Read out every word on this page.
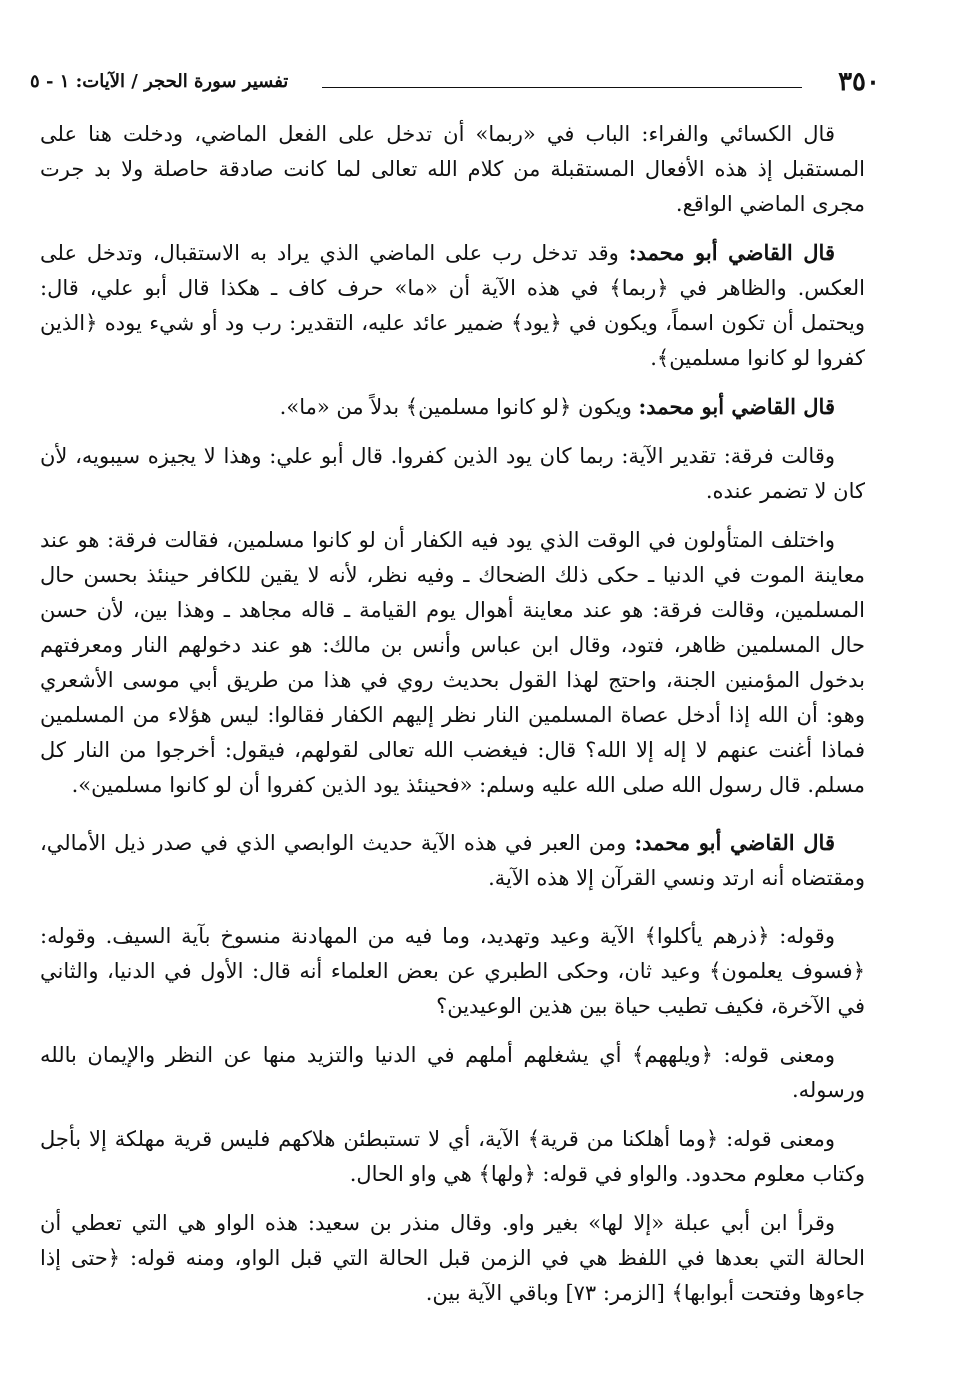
٣٥٠
تفسير سورة الحجر / الآيات: ١ - ٥

قال الكسائي والفراء: الباب في «ربما» أن تدخل على الفعل الماضي، ودخلت هنا على المستقبل إذ هذه الأفعال المستقبلة من كلام الله تعالى لما كانت صادقة حاصلة ولا بد جرت مجرى الماضي الواقع.

قال القاضي أبو محمد: وقد تدخل رب على الماضي الذي يراد به الاستقبال، وتدخل على العكس. والظاهر في ﴿ربما﴾ في هذه الآية أن «ما» حرف كاف ـ هكذا قال أبو علي، قال: ويحتمل أن تكون اسماً، ويكون في ﴿يود﴾ ضمير عائد عليه، التقدير: رب ود أو شيء يوده ﴿الذين كفروا لو كانوا مسلمين﴾.

قال القاضي أبو محمد: ويكون ﴿لو كانوا مسلمين﴾ بدلاً من «ما».

وقالت فرقة: تقدير الآية: ربما كان يود الذين كفروا. قال أبو علي: وهذا لا يجيزه سيبويه، لأن كان لا تضمر عنده.

واختلف المتأولون في الوقت الذي يود فيه الكفار أن لو كانوا مسلمين، فقالت فرقة: هو عند معاينة الموت في الدنيا ـ حكى ذلك الضحاك ـ وفيه نظر، لأنه لا يقين للكافر حينئذ بحسن حال المسلمين، وقالت فرقة: هو عند معاينة أهوال يوم القيامة ـ قاله مجاهد ـ وهذا بين، لأن حسن حال المسلمين ظاهر، فتود، وقال ابن عباس وأنس بن مالك: هو عند دخولهم النار ومعرفتهم بدخول المؤمنين الجنة، واحتج لهذا القول بحديث روي في هذا من طريق أبي موسى الأشعري وهو: أن الله إذا أدخل عصاة المسلمين النار نظر إليهم الكفار فقالوا: ليس هؤلاء من المسلمين فماذا أغنت عنهم لا إله إلا الله؟ قال: فيغضب الله تعالى لقولهم، فيقول: أخرجوا من النار كل مسلم. قال رسول الله صلى الله عليه وسلم: «فحينئذ يود الذين كفروا أن لو كانوا مسلمين».

قال القاضي أبو محمد: ومن العبر في هذه الآية حديث الوابصي الذي في صدر ذيل الأمالي، ومقتضاه أنه ارتد ونسي القرآن إلا هذه الآية.

وقوله: ﴿ذرهم يأكلوا﴾ الآية وعيد وتهديد، وما فيه من المهادنة منسوخ بآية السيف. وقوله: ﴿فسوف يعلمون﴾ وعيد ثان، وحكى الطبري عن بعض العلماء أنه قال: الأول في الدنيا، والثاني في الآخرة، فكيف تطيب حياة بين هذين الوعيدين؟

ومعنى قوله: ﴿ويلههم﴾ أي يشغلهم أملهم في الدنيا والتزيد منها عن النظر والإيمان بالله ورسوله.

ومعنى قوله: ﴿وما أهلكنا من قرية﴾ الآية، أي لا تستبطئن هلاكهم فليس قرية مهلكة إلا بأجل وكتاب معلوم محدود. والواو في قوله: ﴿ولها﴾ هي واو الحال.

وقرأ ابن أبي عبلة «إلا لها» بغير واو. وقال منذر بن سعيد: هذه الواو هي التي تعطي أن الحالة التي بعدها في اللفظ هي في الزمن قبل الحالة التي قبل الواو، ومنه قوله: ﴿حتى إذا جاءوها وفتحت أبوابها﴾ [الزمر: ٧٣] وباقي الآية بين.
